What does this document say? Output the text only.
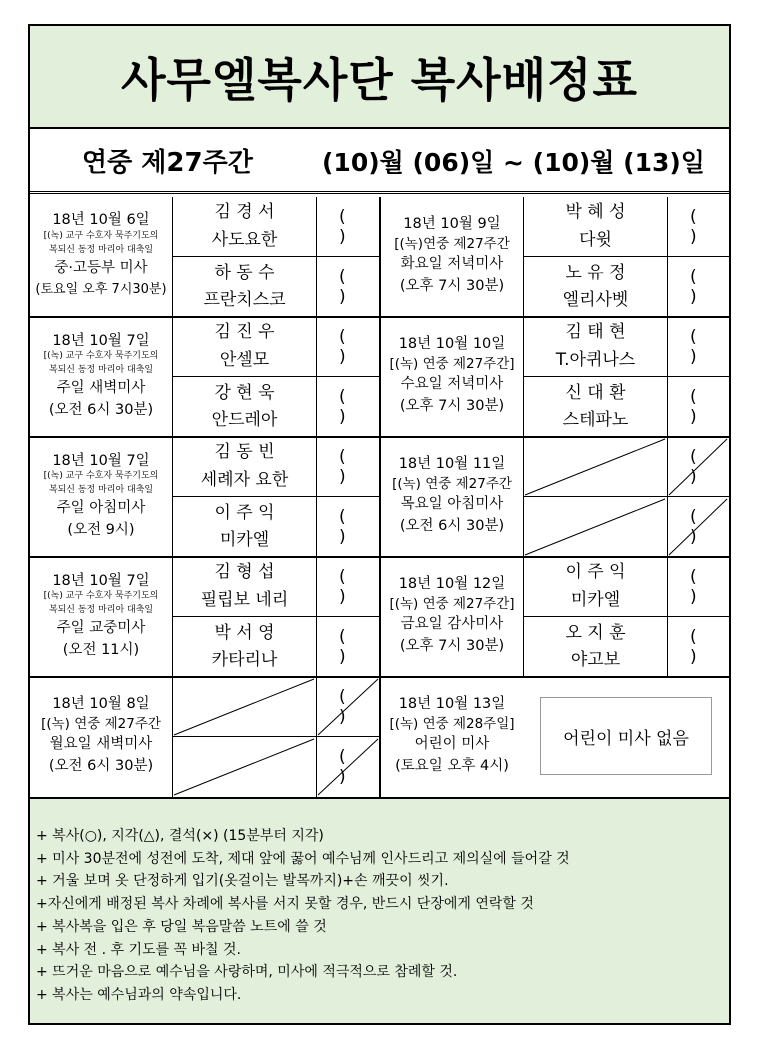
사무엘복사단 복사배정표
연중 제27주간	(10)월 (06)일 ~ (10)월 (13)일
18년 10월 6일
[(녹) 교구 수호자 묵주기도의
복되신 동정 마리아 대축일
중·고등부 미사
(토요일 오후 7시30분)
김 경 서
사도요한
( )
하 동 수
프란치스코
( )
18년 10월 7일
[(녹) 교구 수호자 묵주기도의
복되신 동정 마리아 대축일
주일 새벽미사
(오전 6시 30분)
김 진 우
안셀모
( )
강 현 욱
안드레아
( )
18년 10월 7일
[(녹) 교구 수호자 묵주기도의
복되신 동정 마리아 대축일
주일 아침미사
(오전 9시)
김 동 빈
세례자 요한
( )
이 주 익
미카엘
( )
18년 10월 7일
[(녹) 교구 수호자 묵주기도의
복되신 동정 마리아 대축일
주일 교중미사
(오전 11시)
김 형 섭
필립보 네리
( )
박 서 영
카타리나
( )
18년 10월 8일
[(녹) 연중 제27주간
월요일 새벽미사
(오전 6시 30분)
( )
( )
18년 10월 9일
[(녹)연중 제27주간
화요일 저녁미사
(오후 7시 30분)
박 혜 성
다윗
( )
노 유 정
엘리사벳
( )
18년 10월 10일
[(녹) 연중 제27주간]
수요일 저녁미사
(오후 7시 30분)
김 태 현
T.아퀴나스
( )
신 대 환
스테파노
( )
18년 10월 11일
[(녹) 연중 제27주간
목요일 아침미사
(오전 6시 30분)
( )
( )
18년 10월 12일
[(녹) 연중 제27주간]
금요일 감사미사
(오후 7시 30분)
이 주 익
미카엘
( )
오 지 훈
야고보
( )
18년 10월 13일
[(녹) 연중 제28주일]
어린이 미사
(토요일 오후 4시)
어린이 미사 없음
+ 복사(○), 지각(△), 결석(×) (15분부터 지각)
+ 미사 30분전에 성전에 도착, 제대 앞에 꿇어 예수님께 인사드리고 제의실에 들어갈 것
+ 거울 보며 옷 단정하게 입기(옷걸이는 발목까지)+손 깨끗이 씻기.
+자신에게 배정된 복사 차례에 복사를 서지 못할 경우, 반드시 단장에게 연락할 것
+ 복사복을 입은 후 당일 복음말씀 노트에 쓸 것
+ 복사 전 . 후 기도를 꼭 바칠 것.
+ 뜨거운 마음으로 예수님을 사랑하며, 미사에 적극적으로 참례할 것.
+ 복사는 예수님과의 약속입니다.
